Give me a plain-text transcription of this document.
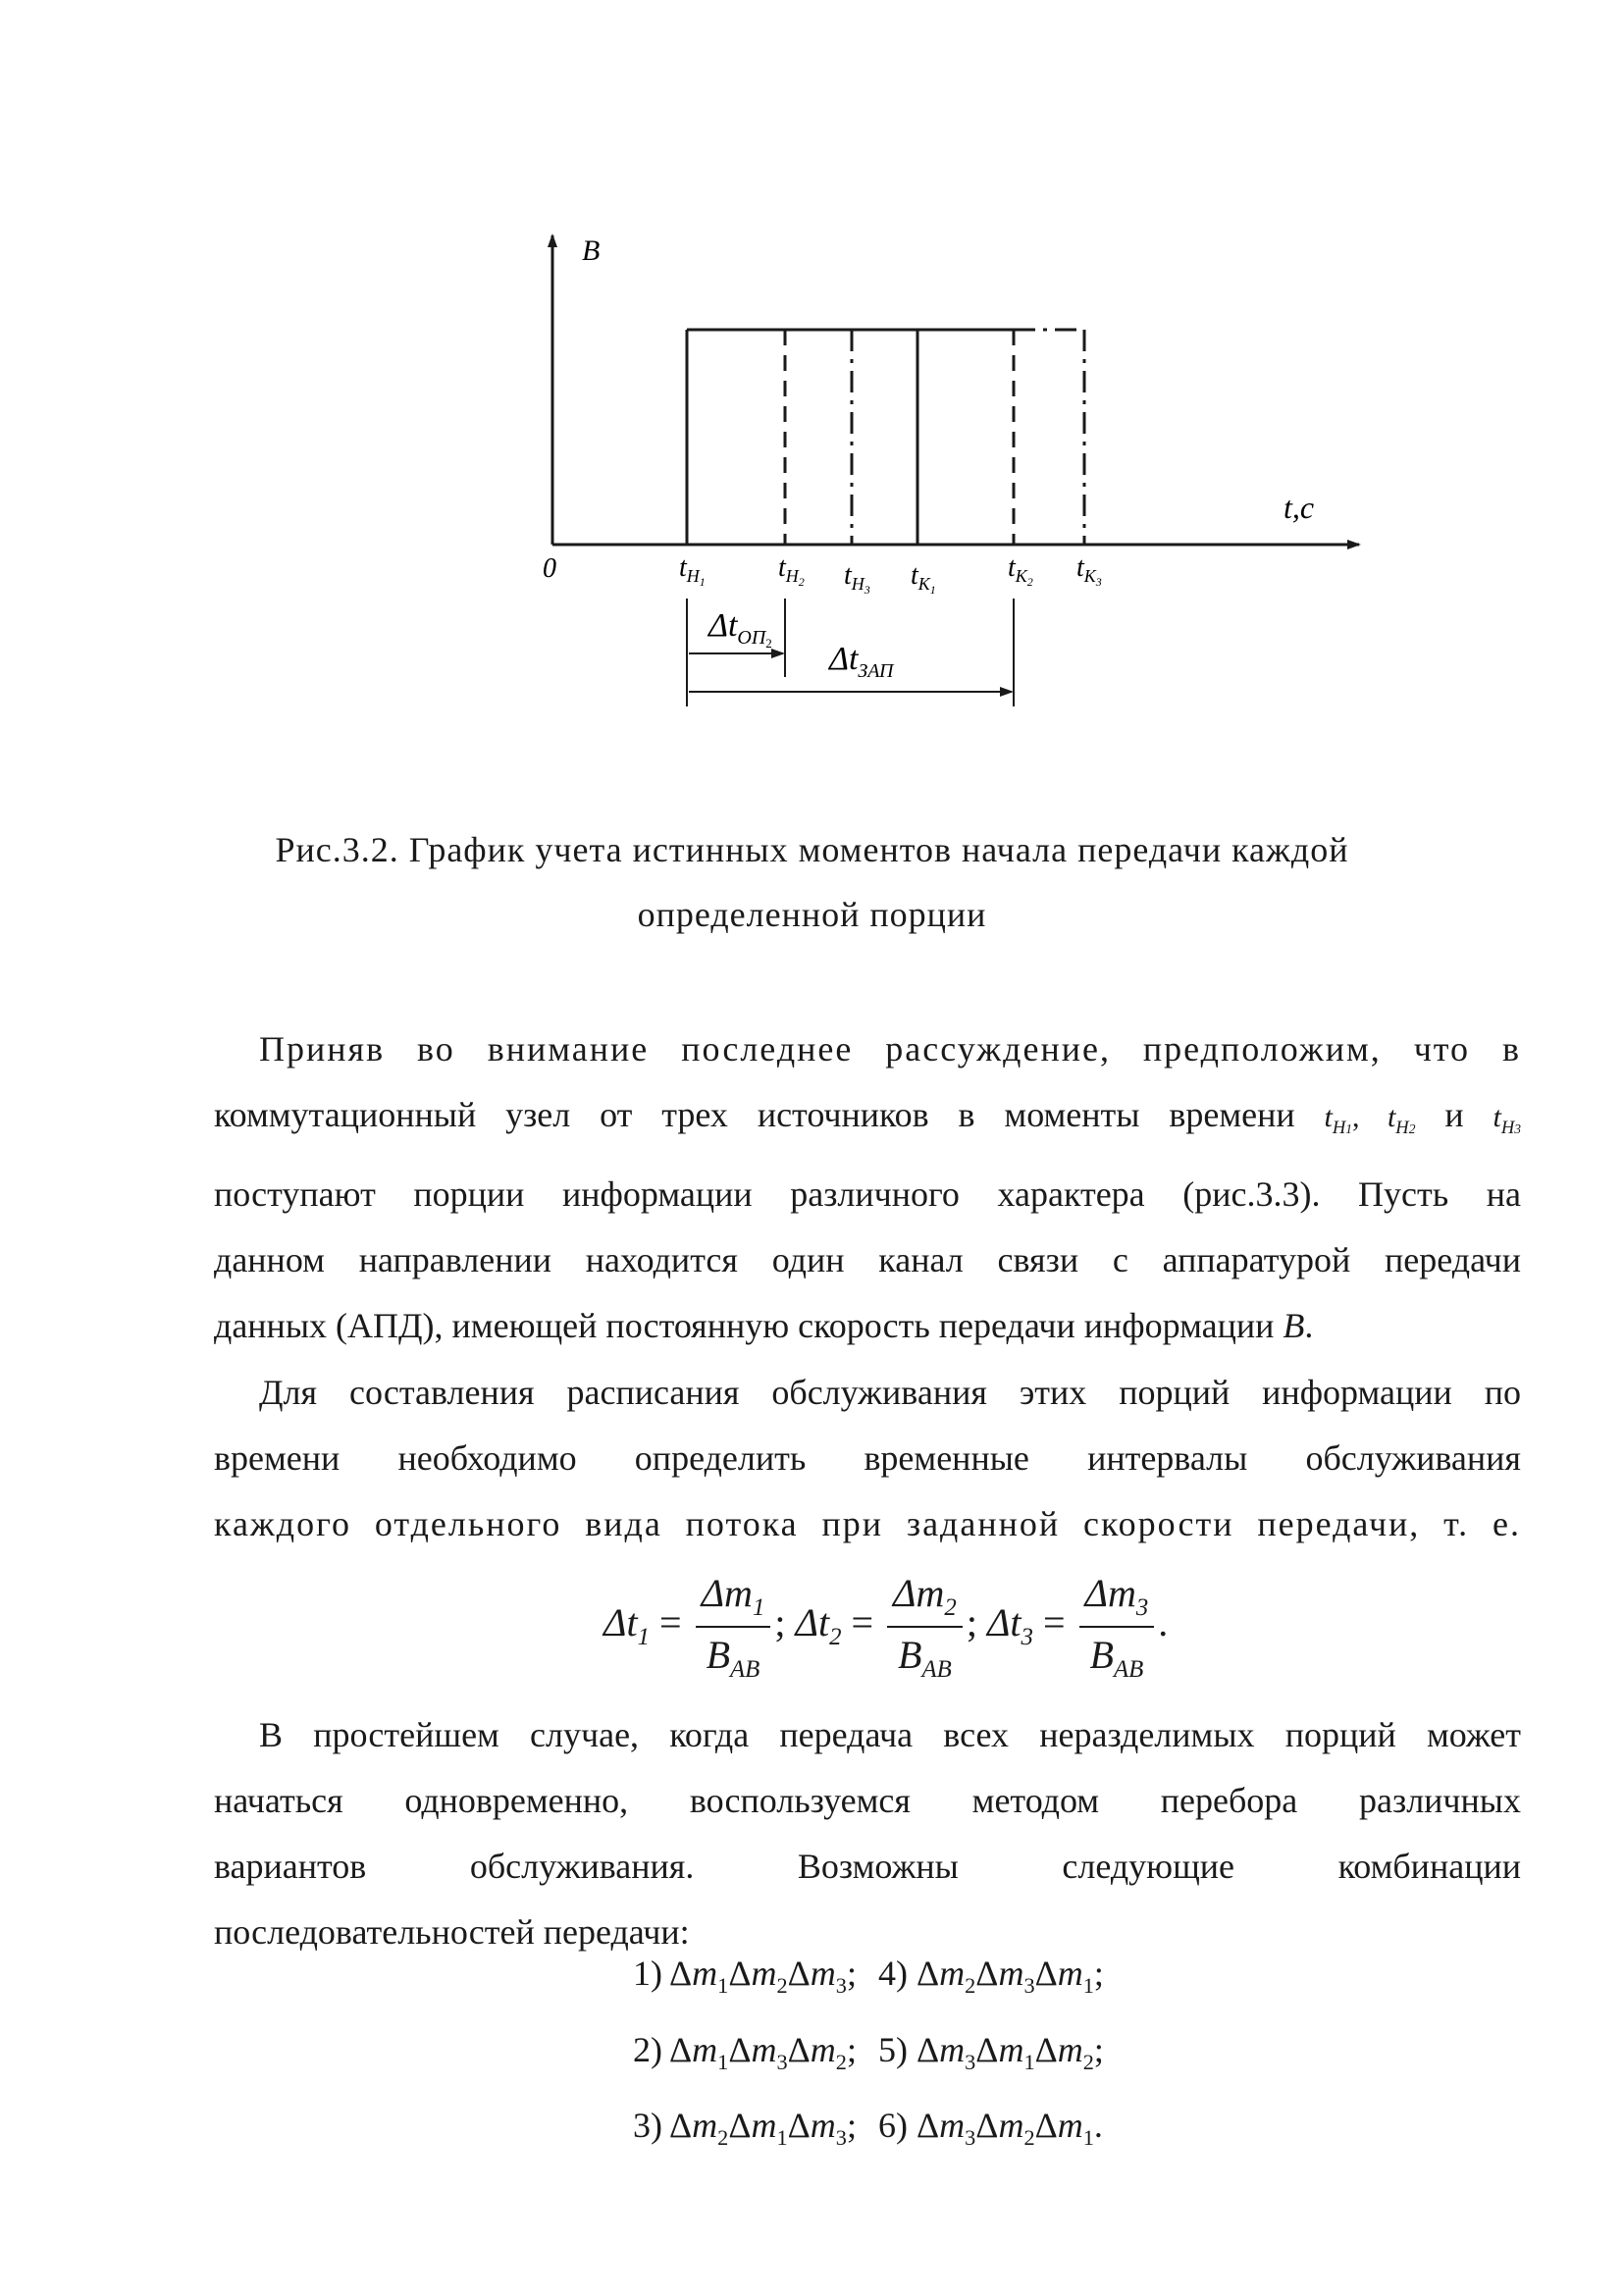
B
t,c
0	$t_H1$	$t_H2$ $t_H3$ $t_K1$
$t_K2$ $t_K3$
$\Delta t_{ОП}2$ $\Delta t_{ЗАП}$
Рис.3.2. График учета истинных моментов начала передачи каждой
определенной порции
Приняв во внимание последнее рассуждение, предположим, что в
коммутационный узел от трех источников в моменты времени $t_{H1}$, $t_{H2}$ и $t_{H3}$
поступают порции информации различного характера (рис.3.3). Пусть на
данном направлении находится один канал связи с аппаратурой передачи
данных (АПД), имеющей постоянную скорость передачи информации B.
Для составления расписания обслуживания этих порций информации по
времени необходимо определить временные интервалы обслуживания
каждого отдельного вида потока при заданной скорости передачи, т. е.
$\Delta t_1 = \frac{\Delta m_1}{B_{AB}}$ ; $\Delta t_2 = \frac{\Delta m_2}{B_{AB}}$ ; $\Delta t_3 = \frac{\Delta m_3}{B_{AB}}$ .
В простейшем случае, когда передача всех неразделимых порций может
начаться одновременно, воспользуемся методом перебора различных
вариантов обслуживания. Возможны следующие комбинации
последовательностей передачи:
1) $\Delta m_1\Delta m_2\Delta m_3$; 4) $\Delta m_2\Delta m_3\Delta m_1$;
2) $\Delta m_1\Delta m_3\Delta m_2$; 5) $\Delta m_3\Delta m_1\Delta m_2$;
3) $\Delta m_2\Delta m_1\Delta m_3$; 6) $\Delta m_3\Delta m_2\Delta m_1$.
